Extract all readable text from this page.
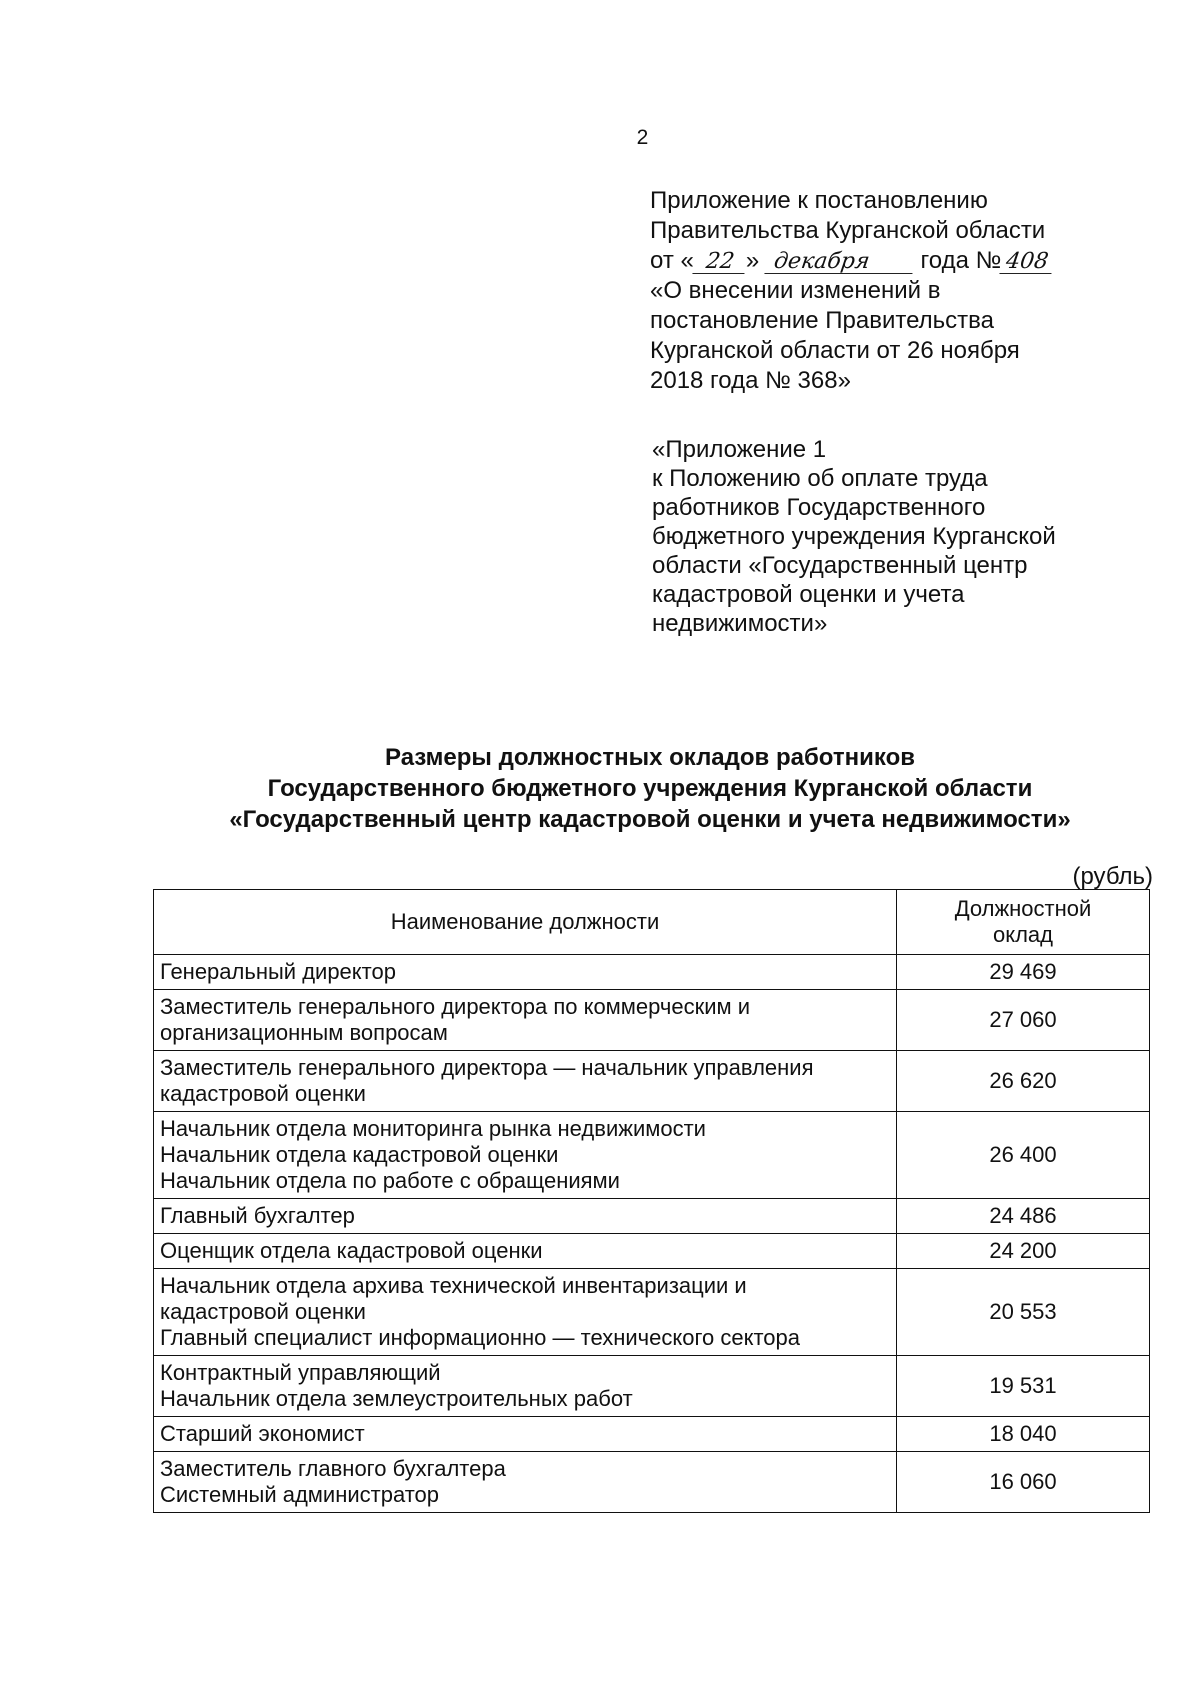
2

Приложение к постановлению

Правительства Курганской области

от « 22 » декабря года № 408

«О внесении изменений в

постановление Правительства

Курганской области от 26 ноября

2018 года № 368»

«Приложение 1

к Положению об оплате труда

работников Государственного

бюджетного учреждения Курганской

области «Государственный центр

кадастровой оценки и учета

недвижимости»

Размеры должностных окладов работников
Государственного бюджетного учреждения Курганской области
«Государственный центр кадастровой оценки и учета недвижимости»
(рубль)
Наименование должности	Должностной
оклад

Генеральный директор	29 469

Заместитель генерального директора по коммерческим и
организационным вопросам	27 060

Заместитель генерального директора — начальник управления
кадастровой оценки	26 620

Начальник отдела мониторинга рынка недвижимости
Начальник отдела кадастровой оценки
Начальник отдела по работе с обращениями	26 400

Главный бухгалтер	24 486

Оценщик отдела кадастровой оценки	24 200

Начальник отдела архива технической инвентаризации и
кадастровой оценки
Главный специалист информационно — технического сектора	20 553

Контрактный управляющий
Начальник отдела землеустроительных работ	19 531

Старший экономист	18 040

Заместитель главного бухгалтера
Системный администратор	16 060
